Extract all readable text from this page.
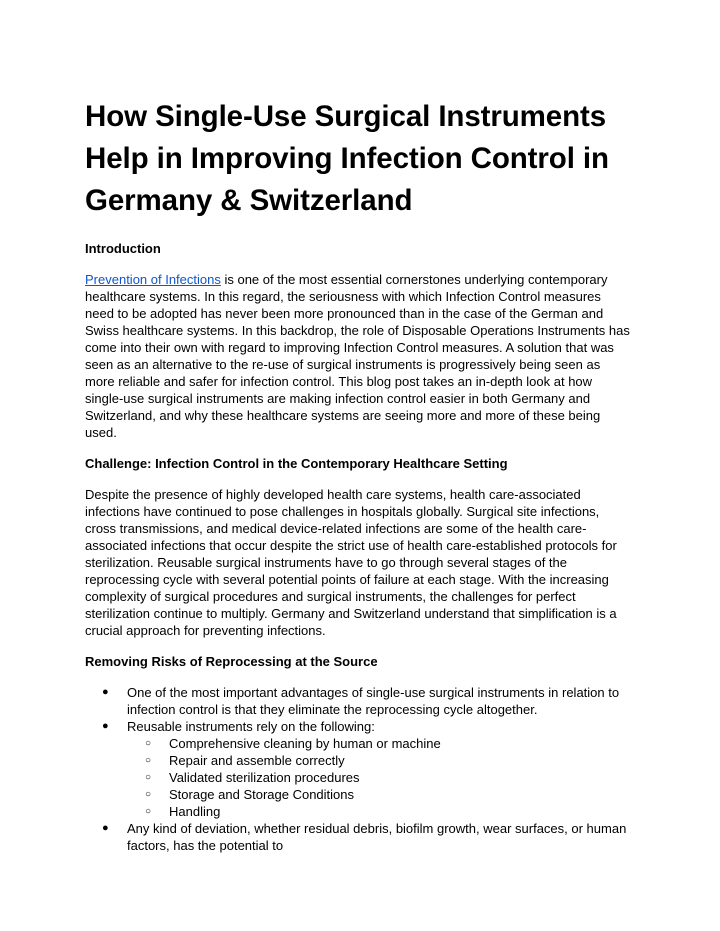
How Single-Use Surgical Instruments Help in Improving Infection Control in Germany & Switzerland
Introduction

Prevention of Infections is one of the most essential cornerstones underlying contemporary healthcare systems. In this regard, the seriousness with which Infection Control measures need to be adopted has never been more pronounced than in the case of the German and Swiss healthcare systems. In this backdrop, the role of Disposable Operations Instruments has come into their own with regard to improving Infection Control measures. A solution that was seen as an alternative to the re-use of surgical instruments is progressively being seen as more reliable and safer for infection control. This blog post takes an in-depth look at how single-use surgical instruments are making infection control easier in both Germany and Switzerland, and why these healthcare systems are seeing more and more of these being used.

Challenge: Infection Control in the Contemporary Healthcare Setting

Despite the presence of highly developed health care systems, health care-associated infections have continued to pose challenges in hospitals globally. Surgical site infections, cross transmissions, and medical device-related infections are some of the health care-associated infections that occur despite the strict use of health care-established protocols for sterilization. Reusable surgical instruments have to go through several stages of the reprocessing cycle with several potential points of failure at each stage. With the increasing complexity of surgical procedures and surgical instruments, the challenges for perfect sterilization continue to multiply. Germany and Switzerland understand that simplification is a crucial approach for preventing infections.

Removing Risks of Reprocessing at the Source
● One of the most important advantages of single-use surgical instruments in relation to infection control is that they eliminate the reprocessing cycle altogether.
● Reusable instruments rely on the following:
○ Comprehensive cleaning by human or machine
○ Repair and assemble correctly
○ Validated sterilization procedures
○ Storage and Storage Conditions
○ Handling
● Any kind of deviation, whether residual debris, biofilm growth, wear surfaces, or human factors, has the potential to
